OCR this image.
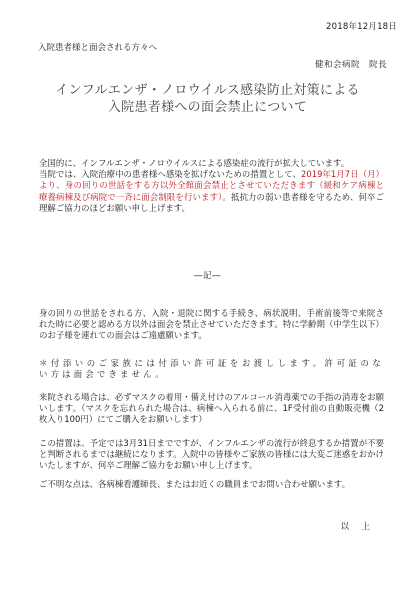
2018年12月18日
入院患者様と面会される方々へ
健和会病院　院長
インフルエンザ・ノロウイルス感染防止対策による
入院患者様への面会禁止について
全国的に、インフルエンザ・ノロウイルスによる感染症の流行が拡大しています。
当院では、入院治療中の患者様へ感染を拡げないための措置として、2019年1月7日（月）より、身の回りの世話をする方以外全館面会禁止とさせていただきます（緩和ケア病棟と療養病棟及び病院で一斉に面会制限を行います）。抵抗力の弱い患者様を守るため、何卒ご理解ご協力のほどお願い申し上げます。
―記―
身の回りの世話をされる方、入院・退院に関する手続き、病状説明、手術前後等で来院された時に必要と認める方以外は面会を禁止させていただきます。特に学齢期（中学生以下）のお子様を連れての面会はご遠慮願います。
＊付添いのご家族には付添い許可証をお渡しします。許可証のない方は面会できません。
来院される場合は、必ずマスクの着用・備え付けのアルコール消毒薬での手指の消毒をお願いします。（マスクを忘れられた場合は、病棟へ入られる前に、1F受付前の自動販売機（2枚入り100円）にてご購入をお願いします）
この措置は、予定では3月31日までですが、インフルエンザの流行が終息するか措置が不要と判断されるまでは継続になります。入院中の皆様やご家族の皆様には大変ご迷惑をおかけいたしますが、何卒ご理解ご協力をお願い申し上げます。
ご不明な点は、各病棟看護師長、またはお近くの職員までお問い合わせ願います。
以　上
